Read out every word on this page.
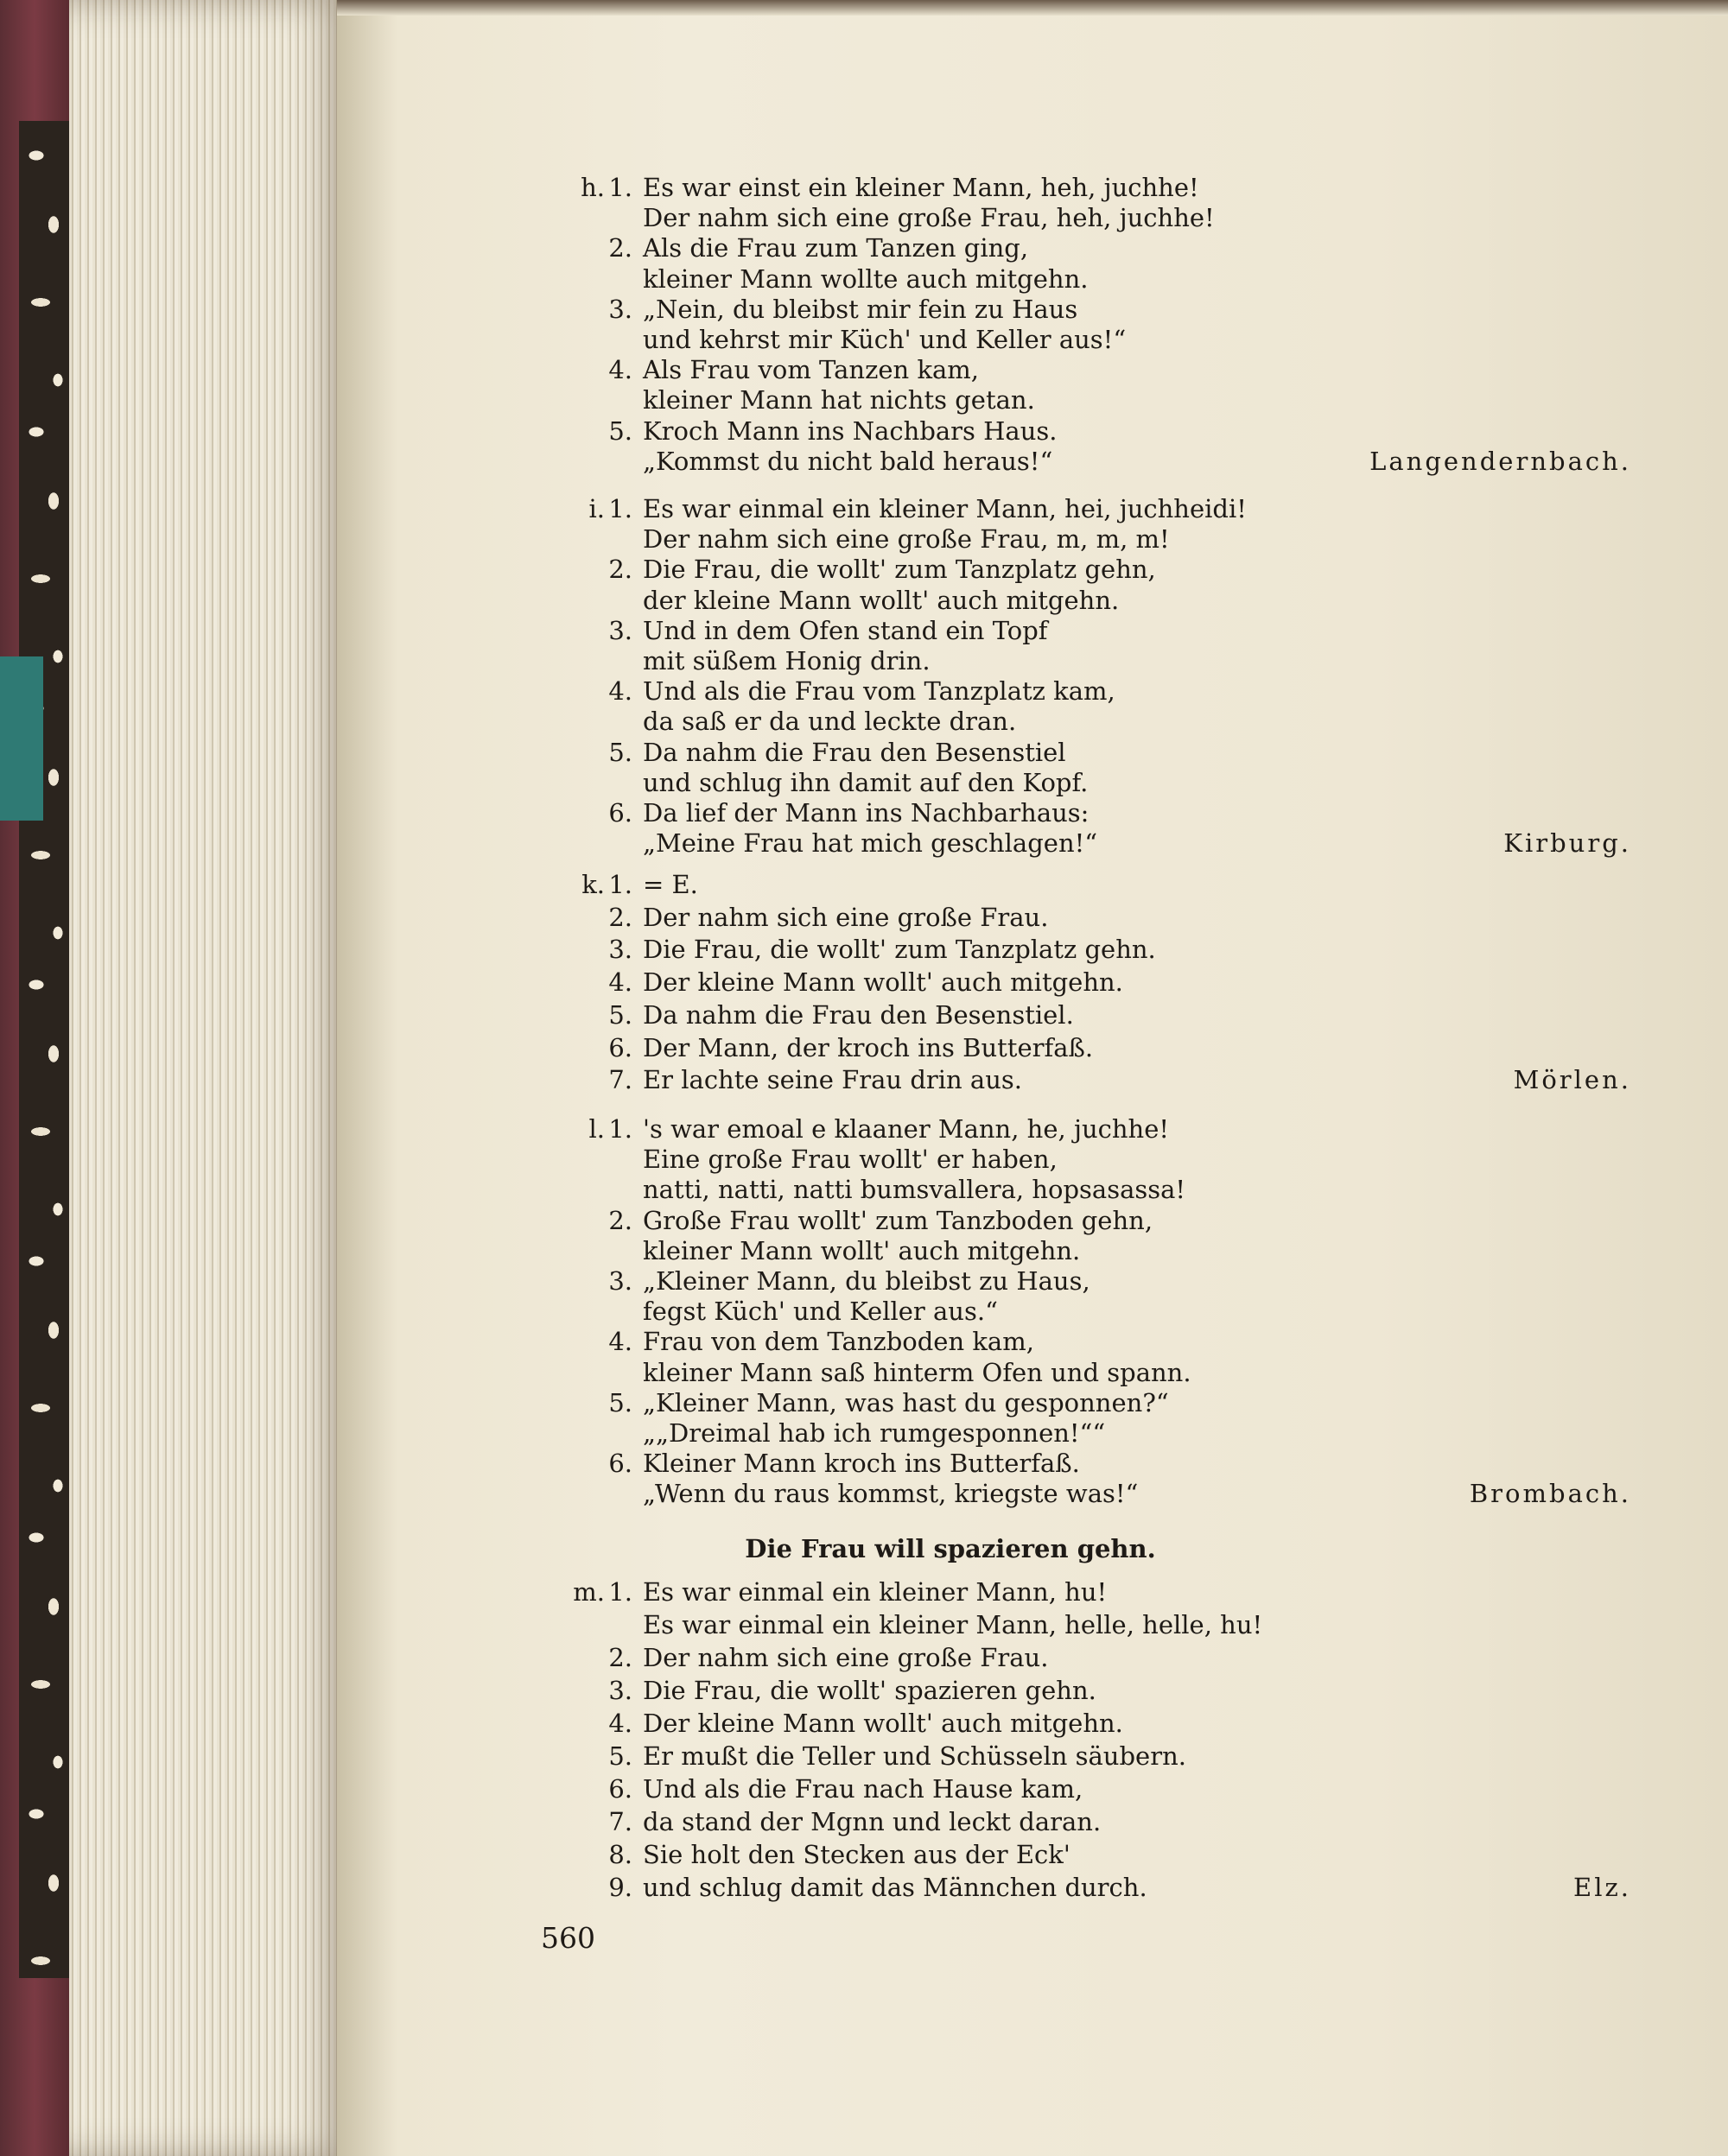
h. 1. Es war einst ein kleiner Mann, heh, juchhe!
Der nahm sich eine große Frau, heh, juchhe!
2. Als die Frau zum Tanzen ging,
kleiner Mann wollte auch mitgehn.
3. „Nein, du bleibst mir fein zu Haus
und kehrst mir Küch' und Keller aus!“
4. Als Frau vom Tanzen kam,
kleiner Mann hat nichts getan.
5. Kroch Mann ins Nachbars Haus.
„Kommst du nicht bald heraus!“	Langendernbach.
i. 1. Es war einmal ein kleiner Mann, hei, juchheidi!
Der nahm sich eine große Frau, m, m, m!
2. Die Frau, die wollt' zum Tanzplatz gehn,
der kleine Mann wollt' auch mitgehn.
3. Und in dem Ofen stand ein Topf
mit süßem Honig drin.
4. Und als die Frau vom Tanzplatz kam,
da saß er da und leckte dran.
5. Da nahm die Frau den Besenstiel
und schlug ihn damit auf den Kopf.
6. Da lief der Mann ins Nachbarhaus:
„Meine Frau hat mich geschlagen!“	Kirburg.
k. 1. = E.
2. Der nahm sich eine große Frau.
3. Die Frau, die wollt' zum Tanzplatz gehn.
4. Der kleine Mann wollt' auch mitgehn.
5. Da nahm die Frau den Besenstiel.
6. Der Mann, der kroch ins Butterfaß.
7. Er lachte seine Frau drin aus.	Mörlen.
l. 1. 's war emoal e klaaner Mann, he, juchhe!
Eine große Frau wollt' er haben,
natti, natti, natti bumsvallera, hopsasassa!
2. Große Frau wollt' zum Tanzboden gehn,
kleiner Mann wollt' auch mitgehn.
3. „Kleiner Mann, du bleibst zu Haus,
fegst Küch' und Keller aus.“
4. Frau von dem Tanzboden kam,
kleiner Mann saß hinterm Ofen und spann.
5. „Kleiner Mann, was hast du gesponnen?“
„„Dreimal hab ich rumgesponnen!““
6. Kleiner Mann kroch ins Butterfaß.
„Wenn du raus kommst, kriegste was!“	Brombach.
m. 1. Es war einmal ein kleiner Mann, hu!
Es war einmal ein kleiner Mann, helle, helle, hu!
2. Der nahm sich eine große Frau.
3. Die Frau, die wollt' spazieren gehn.
4. Der kleine Mann wollt' auch mitgehn.
5. Er mußt die Teller und Schüsseln säubern.
6. Und als die Frau nach Hause kam,
7. da stand der Mgnn und leckt daran.
8. Sie holt den Stecken aus der Eck'
9. und schlug damit das Männchen durch.	Elz.
Die Frau will spazieren gehn.
560
